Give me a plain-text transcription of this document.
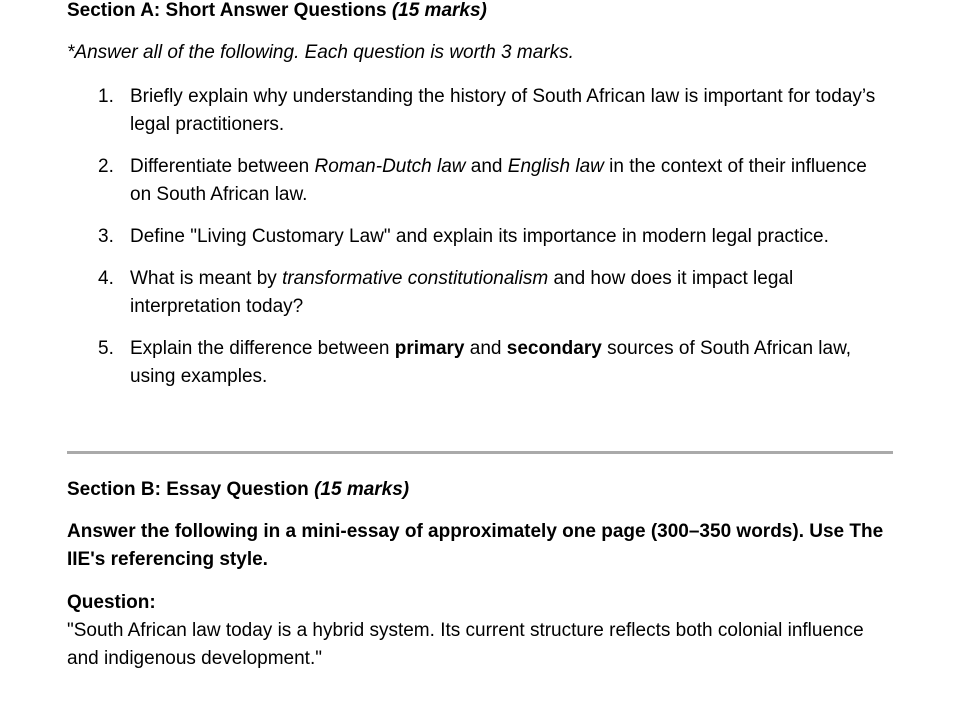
Section A: Short Answer Questions (15 marks)

*Answer all of the following. Each question is worth 3 marks.

1. Briefly explain why understanding the history of South African law is important for today’s legal practitioners.
2. Differentiate between Roman-Dutch law and English law in the context of their influence on South African law.
3. Define "Living Customary Law" and explain its importance in modern legal practice.
4. What is meant by transformative constitutionalism and how does it impact legal interpretation today?
5. Explain the difference between primary and secondary sources of South African law, using examples.

Section B: Essay Question (15 marks)

Answer the following in a mini-essay of approximately one page (300–350 words). Use The IIE's referencing style.

Question:

"South African law today is a hybrid system. Its current structure reflects both colonial influence and indigenous development."
